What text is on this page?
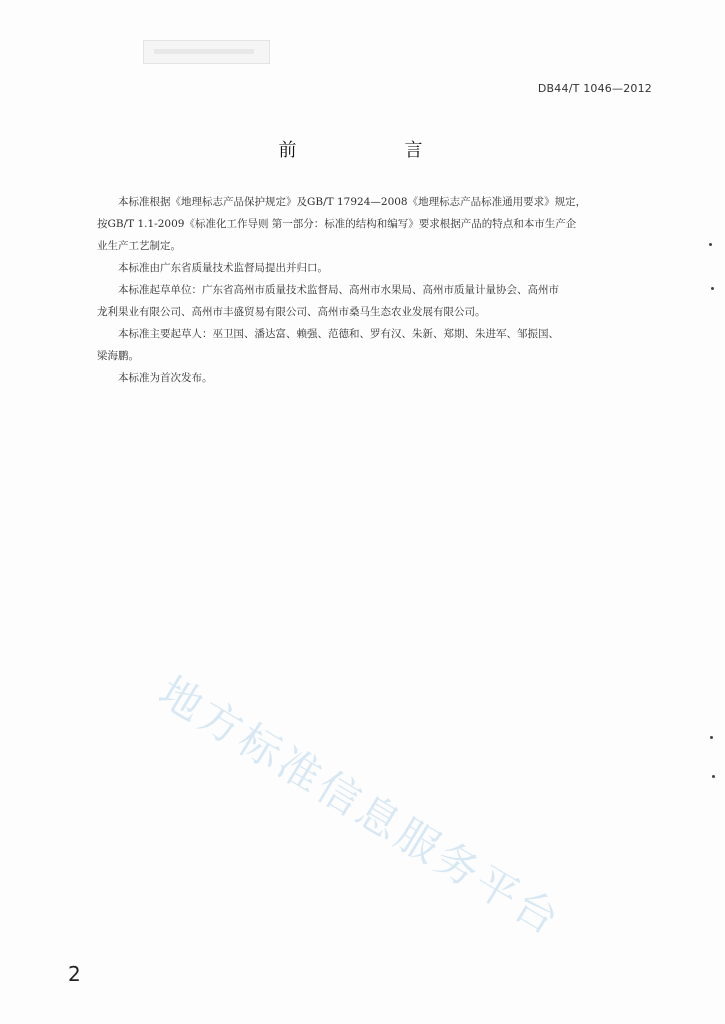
DB44/T 1046—2012
前　　言

本标准根据《地理标志产品保护规定》及GB/T 17924—2008《地理标志产品标准通用要求》规定，
按GB/T 1.1-2009《标准化工作导则 第一部分：标准的结构和编写》要求根据产品的特点和本市生产企
业生产工艺制定。

本标准由广东省质量技术监督局提出并归口。

本标准起草单位：广东省高州市质量技术监督局、高州市水果局、高州市质量计量协会、高州市
龙利果业有限公司、高州市丰盛贸易有限公司、高州市桑马生态农业发展有限公司。

本标准主要起草人：巫卫国、潘达富、赖强、范德和、罗有汉、朱新、郑期、朱进军、邹振国、
梁海鹏。

本标准为首次发布。

地方标准信息服务平台
2
